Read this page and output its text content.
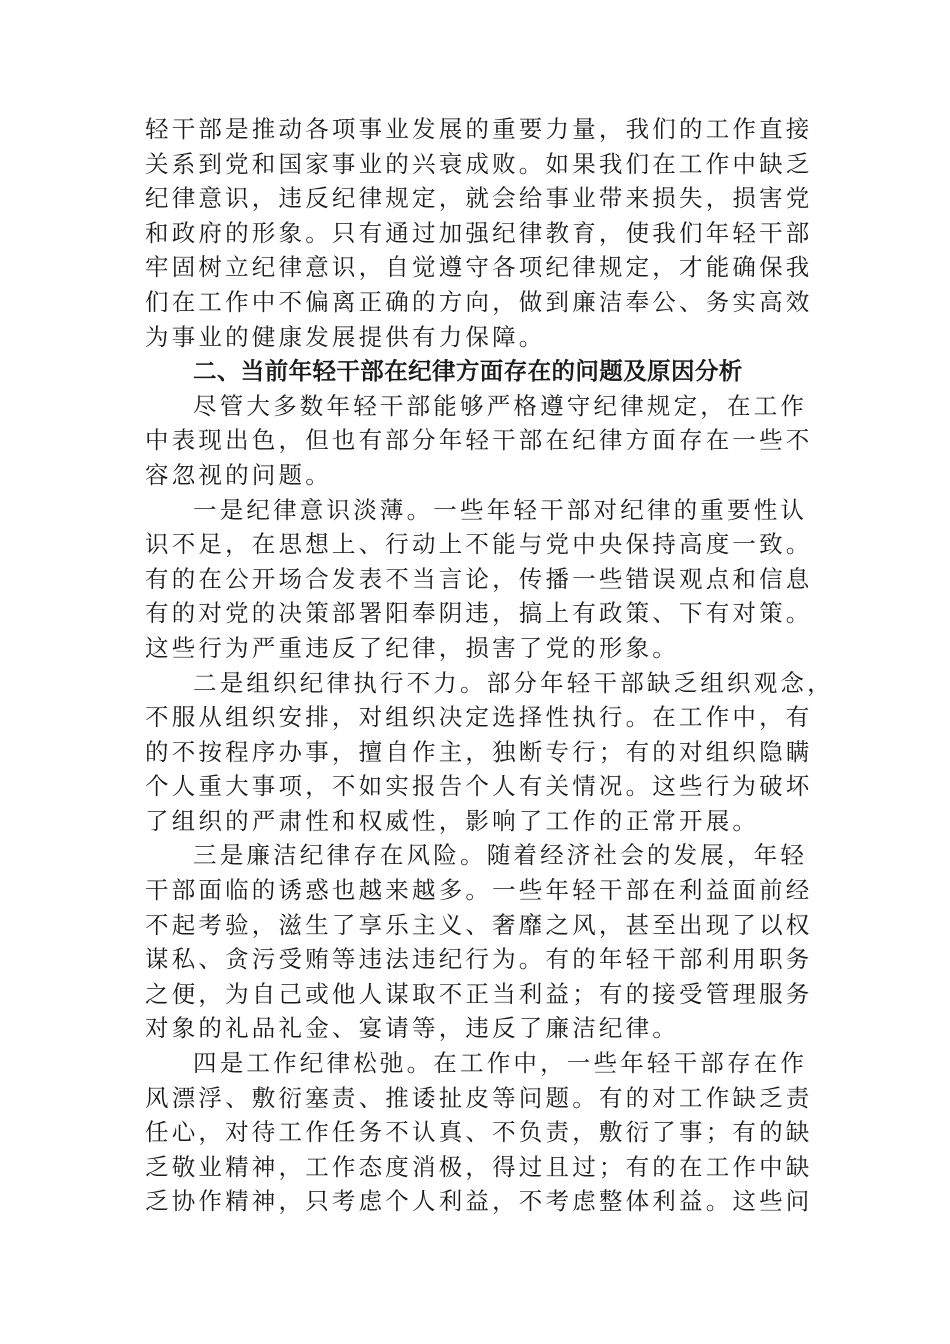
轻干部是推动各项事业发展的重要力量，我们的工作直接
关系到党和国家事业的兴衰成败。如果我们在工作中缺乏
纪律意识，违反纪律规定，就会给事业带来损失，损害党
和政府的形象。只有通过加强纪律教育，使我们年轻干部
牢固树立纪律意识，自觉遵守各项纪律规定，才能确保我
们在工作中不偏离正确的方向，做到廉洁奉公、务实高效
为事业的健康发展提供有力保障。
二、当前年轻干部在纪律方面存在的问题及原因分析
尽管大多数年轻干部能够严格遵守纪律规定，在工作
中表现出色，但也有部分年轻干部在纪律方面存在一些不
容忽视的问题。
一是纪律意识淡薄。一些年轻干部对纪律的重要性认
识不足，在思想上、行动上不能与党中央保持高度一致。
有的在公开场合发表不当言论，传播一些错误观点和信息
有的对党的决策部署阳奉阴违，搞上有政策、下有对策。
这些行为严重违反了纪律，损害了党的形象。
二是组织纪律执行不力。部分年轻干部缺乏组织观念，
不服从组织安排，对组织决定选择性执行。在工作中，有
的不按程序办事，擅自作主，独断专行；有的对组织隐瞒
个人重大事项，不如实报告个人有关情况。这些行为破坏
了组织的严肃性和权威性，影响了工作的正常开展。
三是廉洁纪律存在风险。随着经济社会的发展，年轻
干部面临的诱惑也越来越多。一些年轻干部在利益面前经
不起考验，滋生了享乐主义、奢靡之风，甚至出现了以权
谋私、贪污受贿等违法违纪行为。有的年轻干部利用职务
之便，为自己或他人谋取不正当利益；有的接受管理服务
对象的礼品礼金、宴请等，违反了廉洁纪律。
四是工作纪律松弛。在工作中，一些年轻干部存在作
风漂浮、敷衍塞责、推诿扯皮等问题。有的对工作缺乏责
任心，对待工作任务不认真、不负责，敷衍了事；有的缺
乏敬业精神，工作态度消极，得过且过；有的在工作中缺
乏协作精神，只考虑个人利益，不考虑整体利益。这些问
